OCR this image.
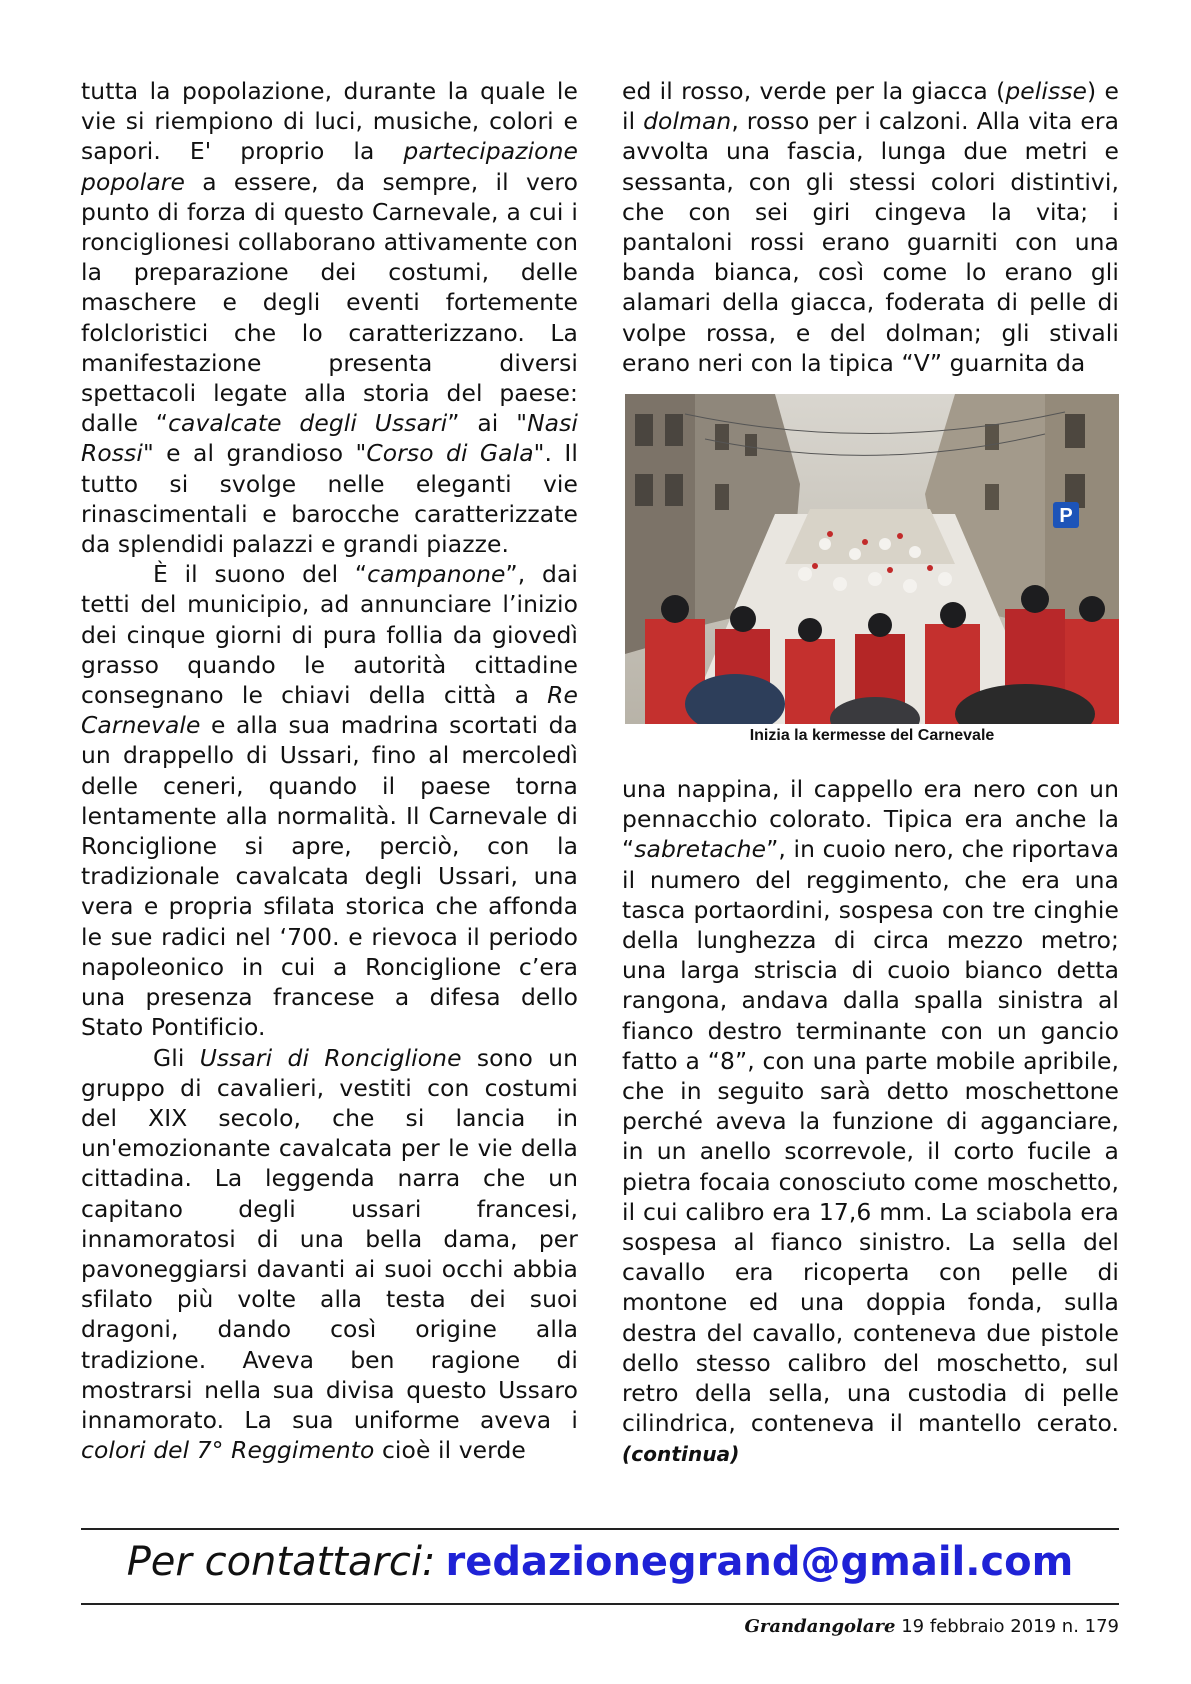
tutta la popolazione, durante la quale le vie si riempiono di luci, musiche, colori e sapori. E' proprio la partecipazione popolare a essere, da sempre, il vero punto di forza di questo Carnevale, a cui i ronciglionesi collaborano attivamente con la preparazione dei costumi, delle maschere e degli eventi fortemente folcloristici che lo caratterizzano. La manifestazione presenta diversi spettacoli legate alla storia del paese: dalle “cavalcate degli Ussari” ai "Nasi Rossi" e al grandioso "Corso di Gala". Il tutto si svolge nelle eleganti vie rinascimentali e barocche caratterizzate da splendidi palazzi e grandi piazze.

È il suono del “campanone”, dai tetti del municipio, ad annunciare l’inizio dei cinque giorni di pura follia da giovedì grasso quando le autorità cittadine consegnano le chiavi della città a Re Carnevale e alla sua madrina scortati da un drappello di Ussari, fino al mercoledì delle ceneri, quando il paese torna lentamente alla normalità. Il Carnevale di Ronciglione si apre, perciò, con la tradizionale cavalcata degli Ussari, una vera e propria sfilata storica che affonda le sue radici nel ‘700. e rievoca il periodo napoleonico in cui a Ronciglione c’era una presenza francese a difesa dello Stato Pontificio.

Gli Ussari di Ronciglione sono un gruppo di cavalieri, vestiti con costumi del XIX secolo, che si lancia in un'emozionante cavalcata per le vie della cittadina. La leggenda narra che un capitano degli ussari francesi, innamoratosi di una bella dama, per pavoneggiarsi davanti ai suoi occhi abbia sfilato più volte alla testa dei suoi dragoni, dando così origine alla tradizione. Aveva ben ragione di mostrarsi nella sua divisa questo Ussaro innamorato. La sua uniforme aveva i colori del 7° Reggimento cioè il verde

ed il rosso, verde per la giacca (pelisse) e il dolman, rosso per i calzoni. Alla vita era avvolta una fascia, lunga due metri e sessanta, con gli stessi colori distintivi, che con sei giri cingeva la vita; i pantaloni rossi erano guarniti con una banda bianca, così come lo erano gli alamari della giacca, foderata di pelle di volpe rossa, e del dolman; gli stivali erano neri con la tipica “V” guarnita da

P
Inizia la kermesse del Carnevale

una nappina, il cappello era nero con un pennacchio colorato. Tipica era anche la “sabretache”, in cuoio nero, che riportava il numero del reggimento, che era una tasca portaordini, sospesa con tre cinghie della lunghezza di circa mezzo metro; una larga striscia di cuoio bianco detta rangona, andava dalla spalla sinistra al fianco destro terminante con un gancio fatto a “8”, con una parte mobile apribile, che in seguito sarà detto moschettone perché aveva la funzione di agganciare, in un anello scorrevole, il corto fucile a pietra focaia conosciuto come moschetto, il cui calibro era 17,6 mm. La sciabola era sospesa al fianco sinistro. La sella del cavallo era ricoperta con pelle di montone ed una doppia fonda, sulla destra del cavallo, conteneva due pistole dello stesso calibro del moschetto, sul retro della sella, una custodia di pelle cilindrica, conteneva il mantello cerato. (continua)

Per contattarci: redazionegrand@gmail.com
Grandangolare 19 febbraio 2019 n. 179
